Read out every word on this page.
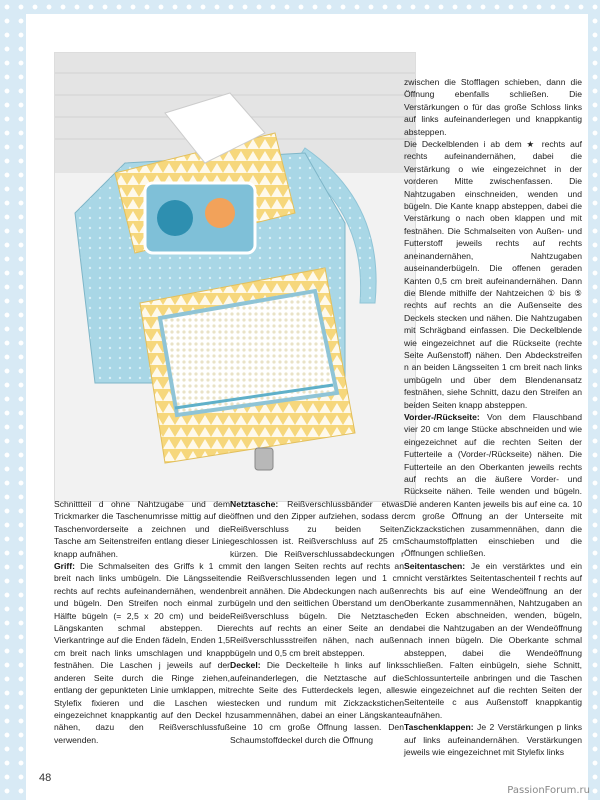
zwischen die Stofflagen schieben, dann die Öffnung ebenfalls schließen. Die Verstärkungen o für das große Schloss links auf links aufeinanderlegen und knappkantig absteppen.

Die Deckelblenden i ab dem ★ rechts auf rechts aufeinandernähen, dabei die Verstärkung o wie eingezeichnet in der vorderen Mitte zwischenfassen. Die Nahtzugaben einschneiden, wenden und bügeln. Die Kante knapp absteppen, dabei die Verstärkung o nach oben klappen und mit festnähen. Die Schmalseiten von Außen- und Futterstoff jeweils rechts auf rechts aneinandernähen, Nahtzugaben auseinanderbügeln. Die offenen geraden Kanten 0,5 cm breit aufeinandernähen. Dann die Blende mithilfe der Nahtzeichen ① bis ⑤ rechts auf rechts an die Außenseite des Deckels stecken und nähen. Die Nahtzugaben mit Schrägband einfassen. Die Deckelblende wie eingezeichnet auf die Rückseite (rechte Seite Außenstoff) nähen. Den Abdeckstreifen n an beiden Längsseiten 1 cm breit nach links umbügeln und über dem Blendenansatz festnähen, siehe Schnitt, dazu den Streifen an beiden Seiten knapp absteppen.

Vorder-/Rückseite: Von dem Flauschband vier 20 cm lange Stücke abschneiden und wie eingezeichnet auf die rechten Seiten der Futterteile a (Vorder-/Rückseite) nähen. Die Futterteile an den Oberkanten jeweils rechts auf rechts an die äußere Vorder- und Rückseite nähen. Teile wenden und bügeln. Die anderen Kanten jeweils bis auf eine ca. 10 cm große Öffnung an der Unterseite mit Zickzackstichen zusammennähen, dann die Schaumstoffplatten einschieben und die Öffnungen schließen.

Seitentaschen: Je ein verstärktes und ein nicht verstärktes Seitentaschenteil f rechts auf rechts bis auf eine Wendeöffnung an der Oberkante zusammennähen, Nahtzugaben an den Ecken abschneiden, wenden, bügeln, dabei die Nahtzugaben an der Wendeöffnung nach innen bügeln. Die Oberkante schmal absteppen, dabei die Wendeöffnung schließen. Falten einbügeln, siehe Schnitt, Schlossunterteile anbringen und die Taschen wie eingezeichnet auf die rechten Seiten der Seitenteile c aus Außenstoff knappkantig aufnähen.

Taschenklappen: Je 2 Verstärkungen p links auf links aufeinandernähen. Verstärkungen jeweils wie eingezeichnet mit Stylefix links

Schnittteil d ohne Nahtzugabe und dem Trickmarker die Taschenumrisse mittig auf die Taschenvorderseite a zeichnen und die Tasche am Seitenstreifen entlang dieser Linie knapp aufnähen.

Griff: Die Schmalseiten des Griffs k 1 cm breit nach links umbügeln. Die Längsseiten rechts auf rechts aufeinandernähen, wenden und bügeln. Den Streifen noch einmal zur Hälfte bügeln (= 2,5 x 20 cm) und beide Längskanten schmal absteppen. Die Vierkantringe auf die Enden fädeln, Enden 1,5 cm breit nach links umschlagen und knapp festnähen. Die Laschen j jeweils auf der anderen Seite durch die Ringe ziehen, entlang der gepunkteten Linie umklappen, mit Stylefix fixieren und die Laschen wie eingezeichnet knappkantig auf den Deckel h nähen, dazu den Reißverschlussfuß verwenden.

Netztasche: Reißverschlussbänder etwas öffnen und den Zipper aufziehen, sodass der Reißverschluss zu beiden Seiten geschlossen ist. Reißverschluss auf 25 cm kürzen. Die Reißverschlussabdeckungen r mit den langen Seiten rechts auf rechts an die Reißverschlussenden legen und 1 cm breit annähen. Die Abdeckungen nach außen bügeln und den seitlichen Überstand um den Reißverschluss bügeln. Die Netztasche rechts auf rechts an einer Seite an den Reißverschlussstreifen nähen, nach außen bügeln und 0,5 cm breit absteppen.

Deckel: Die Deckelteile h links auf links aufeinanderlegen, die Netztasche auf die rechte Seite des Futterdeckels legen, alles stecken und rundum mit Zickzackstichen zusammennähen, dabei an einer Längskante eine 10 cm große Öffnung lassen. Den Schaumstoffdeckel durch die Öffnung

48
PassionForum.ru
